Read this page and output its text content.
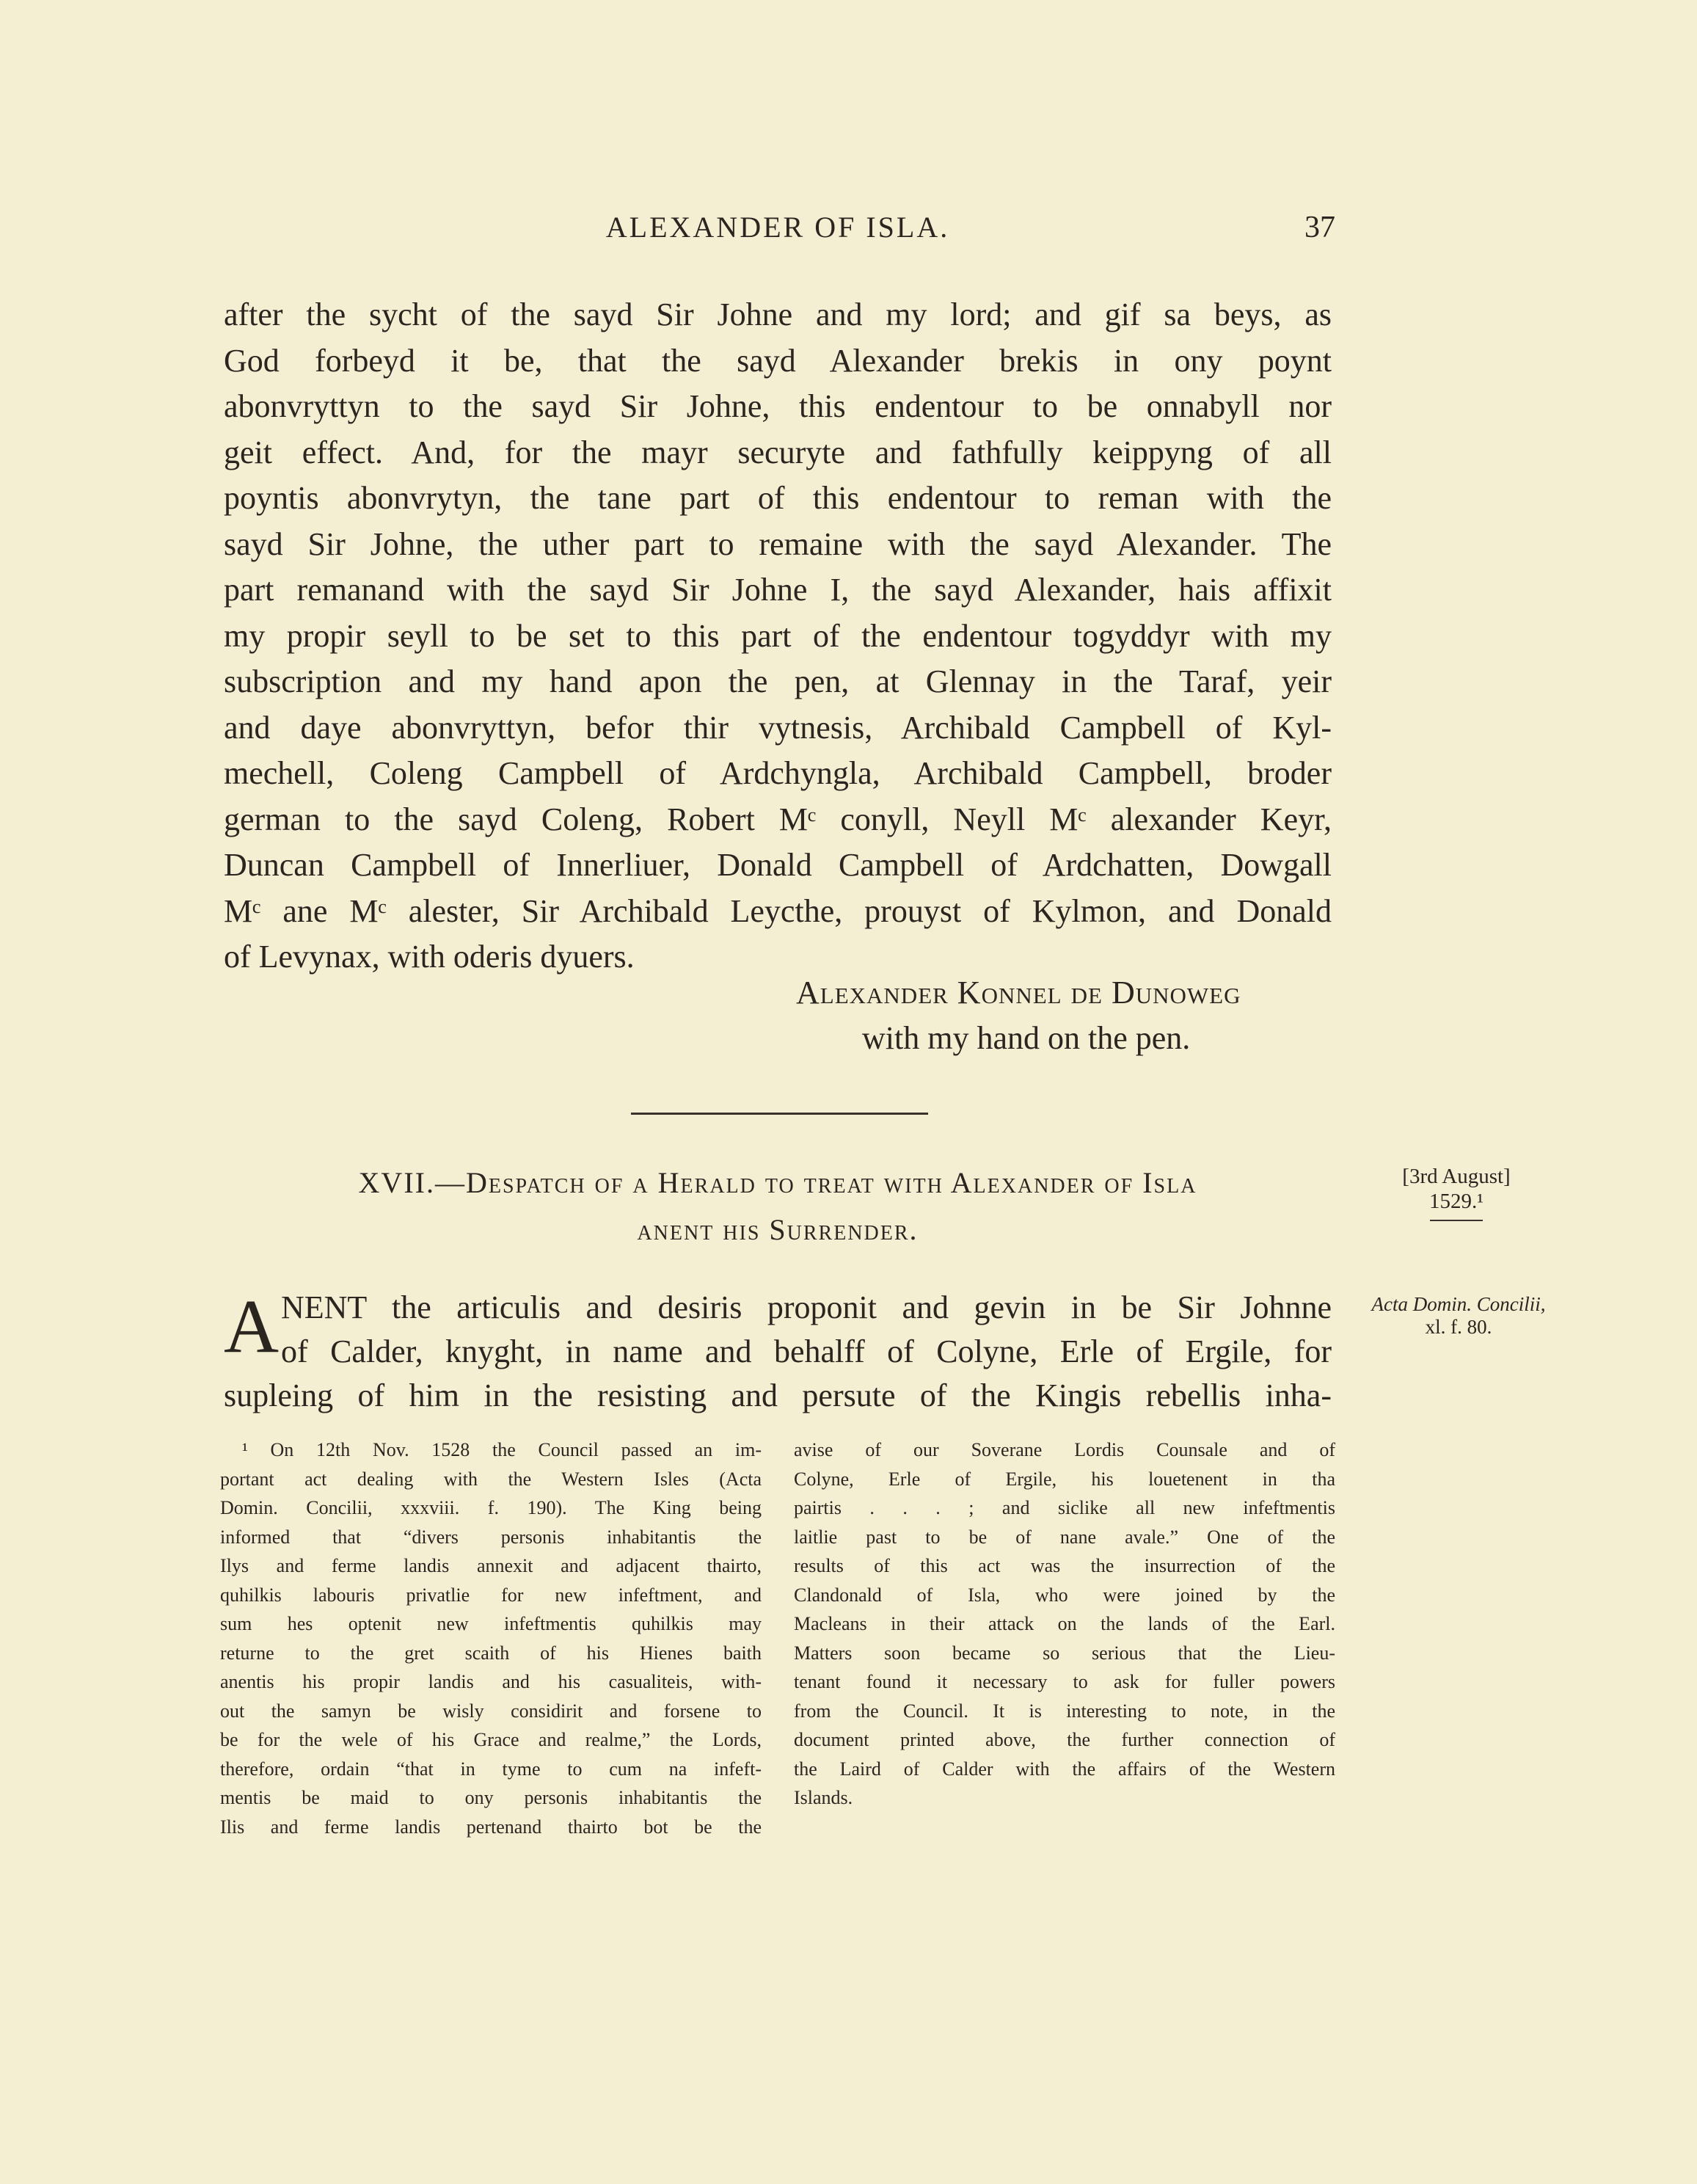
ALEXANDER OF ISLA.	37
after the sycht of the sayd Sir Johne and my lord; and gif sa beys, as
God forbeyd it be, that the sayd Alexander brekis in ony poynt
abonvryttyn to the sayd Sir Johne, this endentour to be onnabyll nor
geit effect. And, for the mayr securyte and fathfully keippyng of all
poyntis abonvrytyn, the tane part of this endentour to reman with the
sayd Sir Johne, the uther part to remaine with the sayd Alexander. The
part remanand with the sayd Sir Johne I, the sayd Alexander, hais affixit
my propir seyll to be set to this part of the endentour togyddyr with my
subscription and my hand apon the pen, at Glennay in the Taraf, yeir
and daye abonvryttyn, befor thir vytnesis, Archibald Campbell of Kyl-
mechell, Coleng Campbell of Ardchyngla, Archibald Campbell, broder
german to the sayd Coleng, Robert Mᶜ conyll, Neyll Mᶜ alexander Keyr,
Duncan Campbell of Innerliuer, Donald Campbell of Ardchatten, Dowgall
Mᶜ ane Mᶜ alester, Sir Archibald Leycthe, prouyst of Kylmon, and Donald
of Levynax, with oderis dyuers.
Alexander Konnel de Dunoweg
with my hand on the pen.
XVII.—Despatch of a Herald to treat with Alexander of Isla
anent his Surrender.
[3rd August]
1529.¹
Acta Domin. Concilii,
xl. f. 80.
A NENT the articulis and desiris proponit and gevin in be Sir Johnne
of Calder, knyght, in name and behalff of Colyne, Erle of Ergile, for
supleing of him in the resisting and persute of the Kingis rebellis inha-
¹ On 12th Nov. 1528 the Council passed an im-
portant act dealing with the Western Isles (Acta
Domin. Concilii, xxxviii. f. 190). The King being
informed that “divers personis inhabitantis the
Ilys and ferme landis annexit and adjacent thairto,
quhilkis labouris privatlie for new infeftment, and
sum hes optenit new infeftmentis quhilkis may
returne to the gret scaith of his Hienes baith
anentis his propir landis and his casualiteis, with-
out the samyn be wisly considirit and forsene to
be for the wele of his Grace and realme,” the Lords,
therefore, ordain “that in tyme to cum na infeft-
mentis be maid to ony personis inhabitantis the
Ilis and ferme landis pertenand thairto bot be the
avise of our Soverane Lordis Counsale and of
Colyne, Erle of Ergile, his louetenent in tha
pairtis . . . ; and siclike all new infeftmentis
laitlie past to be of nane avale.” One of the
results of this act was the insurrection of the
Clandonald of Isla, who were joined by the
Macleans in their attack on the lands of the Earl.
Matters soon became so serious that the Lieu-
tenant found it necessary to ask for fuller powers
from the Council. It is interesting to note, in the
document printed above, the further connection of
the Laird of Calder with the affairs of the Western
Islands.
